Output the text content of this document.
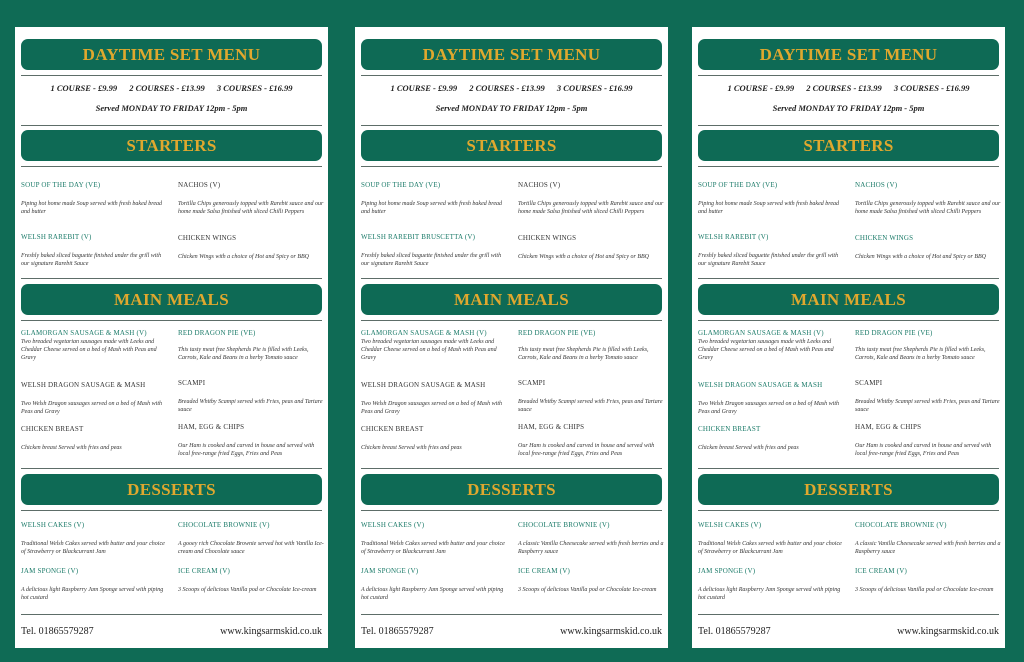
DAYTIME SET MENU
1 COURSE - £9.99 2 COURSES - £13.99 3 COURSES - £16.99
Served MONDAY TO FRIDAY 12pm - 5pm
STARTERS
SOUP OF THE DAY (VE)
Piping hot home made Soup served with fresh baked bread and butter
NACHOS (V)
Tortilla Chips generously topped with Rarebit sauce and our home made Salsa finished with sliced Chilli Peppers
WELSH RAREBIT (V)
Freshly baked sliced baguette finished under the grill with our signature Rarebit Sauce
CHICKEN WINGS
Chicken Wings with a choice of Hot and Spicy or BBQ
MAIN MEALS
GLAMORGAN SAUSAGE & MASH (V)
Two breaded vegetarian sausages made with Leeks and Cheddar Cheese served on a bed of Mash with Peas and Gravy
RED DRAGON PIE (VE)
This tasty meat free Shepherds Pie is filled with Leeks, Carrots, Kale and Beans in a herby Tomato sauce
WELSH DRAGON SAUSAGE & MASH
Two Welsh Dragon sausages served on a bed of Mash with Peas and Gravy
SCAMPI
Breaded Whitby Scampi served with Fries, peas and Tartare sauce
CHICKEN BREAST
Chicken breast Served with fries and peas
HAM, EGG & CHIPS
Our Ham is cooked and carved in house and served with local free-range fried Eggs, Fries and Peas
DESSERTS
WELSH CAKES (V)
Traditional Welsh Cakes served with butter and your choice of Strawberry or Blackcurrant Jam
CHOCOLATE BROWNIE (V)
A gooey rich Chocolate Brownie served hot with Vanilla Ice-cream and Chocolate sauce
JAM SPONGE (V)
A delicious light Raspberry Jam Sponge served with piping hot custard
ICE CREAM (V)
3 Scoops of delicious Vanilla pod or Chocolate Ice-cream
Tel. 01865579287	www.kingsarmskid.co.uk
DAYTIME SET MENU
1 COURSE - £9.99 2 COURSES - £13.99 3 COURSES - £16.99
Served MONDAY TO FRIDAY 12pm - 5pm
STARTERS
SOUP OF THE DAY (VE)
Piping hot home made Soup served with fresh baked bread and butter
NACHOS (V)
Tortilla Chips generously topped with Rarebit sauce and our home made Salsa finished with sliced Chilli Peppers
WELSH RAREBIT BRUSCETTA (V)
Freshly baked sliced baguette finished under the grill with our signature Rarebit Sauce
CHICKEN WINGS
Chicken Wings with a choice of Hot and Spicy or BBQ
MAIN MEALS
GLAMORGAN SAUSAGE & MASH (V)
Two breaded vegetarian sausages made with Leeks and Cheddar Cheese served on a bed of Mash with Peas and Gravy
RED DRAGON PIE (VE)
This tasty meat free Shepherds Pie is filled with Leeks, Carrots, Kale and Beans in a herby Tomato sauce
WELSH DRAGON SAUSAGE & MASH
Two Welsh Dragon sausages served on a bed of Mash with Peas and Gravy
SCAMPI
Breaded Whitby Scampi served with Fries, peas and Tartare sauce
CHICKEN BREAST
Chicken breast Served with fries and peas
HAM, EGG & CHIPS
Our Ham is cooked and carved in house and served with local free-range fried Eggs, Fries and Peas
DESSERTS
WELSH CAKES (V)
Traditional Welsh Cakes served with butter and your choice of Strawberry or Blackcurrant Jam
CHOCOLATE BROWNIE (V)
A classic Vanilla Cheesecake served with fresh berries and a Raspberry sauce
JAM SPONGE (V)
A delicious light Raspberry Jam Sponge served with piping hot custard
ICE CREAM (V)
3 Scoops of delicious Vanilla pod or Chocolate Ice-cream
Tel. 01865579287	www.kingsarmskid.co.uk
DAYTIME SET MENU
1 COURSE - £9.99 2 COURSES - £13.99 3 COURSES - £16.99
Served MONDAY TO FRIDAY 12pm - 5pm
STARTERS
SOUP OF THE DAY (VE)
Piping hot home made Soup served with fresh baked bread and butter
NACHOS (V)
Tortilla Chips generously topped with Rarebit sauce and our home made Salsa finished with sliced Chilli Peppers
WELSH RAREBIT (V)
Freshly baked sliced baguette finished under the grill with our signature Rarebit Sauce
CHICKEN WINGS
Chicken Wings with a choice of Hot and Spicy or BBQ
MAIN MEALS
GLAMORGAN SAUSAGE & MASH (V)
Two breaded vegetarian sausages made with Leeks and Cheddar Cheese served on a bed of Mash with Peas and Gravy
RED DRAGON PIE (VE)
This tasty meat free Shepherds Pie is filled with Leeks, Carrots, Kale and Beans in a herby Tomato sauce
WELSH DRAGON SAUSAGE & MASH
Two Welsh Dragon sausages served on a bed of Mash with Peas and Gravy
SCAMPI
Breaded Whitby Scampi served with Fries, peas and Tartare sauce
CHICKEN BREAST
Chicken breast Served with fries and peas
HAM, EGG & CHIPS
Our Ham is cooked and carved in house and served with local free-range fried Eggs, Fries and Peas
DESSERTS
WELSH CAKES (V)
Traditional Welsh Cakes served with butter and your choice of Strawberry or Blackcurrant Jam
CHOCOLATE BROWNIE (V)
A classic Vanilla Cheesecake served with fresh berries and a Raspberry sauce
JAM SPONGE (V)
A delicious light Raspberry Jam Sponge served with piping hot custard
ICE CREAM (V)
3 Scoops of delicious Vanilla pod or Chocolate Ice-cream
Tel. 01865579287	www.kingsarmskid.co.uk
